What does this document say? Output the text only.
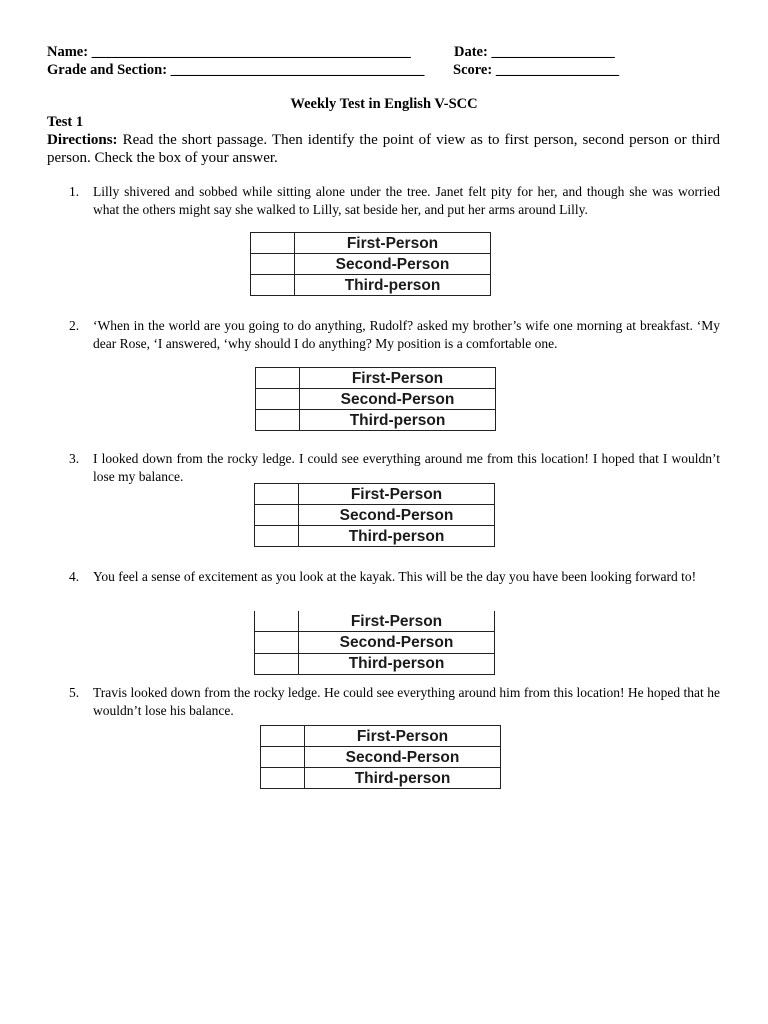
Name: ____________________________________________	Date: _________________
Grade and Section: ___________________________________ Score: _________________
Weekly Test in English V-SCC
Test 1
Directions: Read the short passage. Then identify the point of view as to first person, second person or third person. Check the box of your answer.
1. Lilly shivered and sobbed while sitting alone under the tree. Janet felt pity for her, and though she was worried what the others might say she walked to Lilly, sat beside her, and put her arms around Lilly.
	First-Person
	Second-Person
	Third-person
2. ‘When in the world are you going to do anything, Rudolf? asked my brother’s wife one morning at breakfast. ‘My dear Rose, ‘I answered, ‘why should I do anything? My position is a comfortable one.
	First-Person
	Second-Person
	Third-person
3. I looked down from the rocky ledge. I could see everything around me from this location! I hoped that I wouldn’t lose my balance.
	First-Person
	Second-Person
	Third-person
4. You feel a sense of excitement as you look at the kayak. This will be the day you have been looking forward to!
	First-Person
	Second-Person
	Third-person
5. Travis looked down from the rocky ledge. He could see everything around him from this location! He hoped that he wouldn’t lose his balance.
	First-Person
	Second-Person
	Third-person
